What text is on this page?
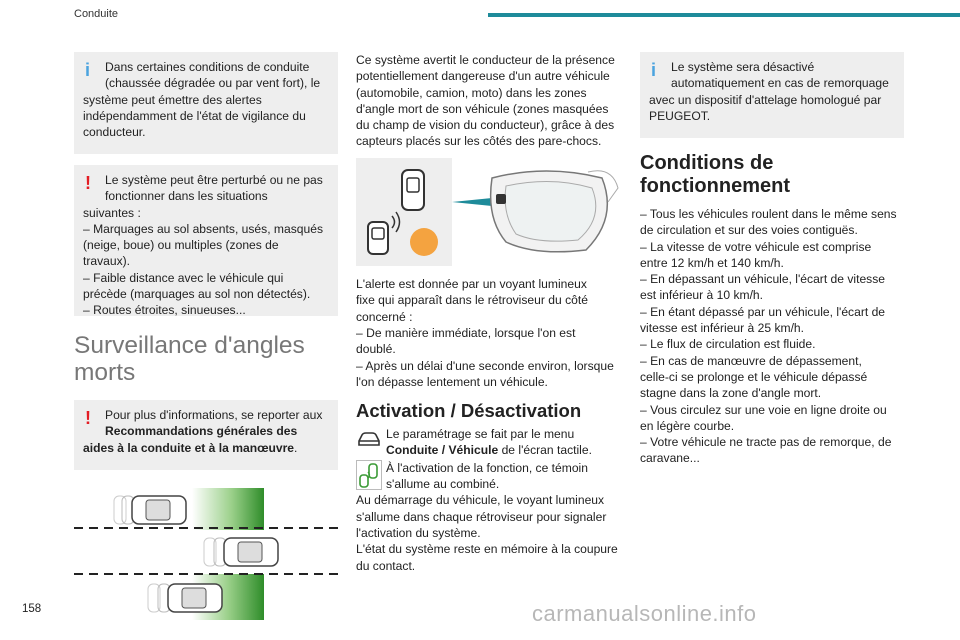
Conduite
i	Dans certaines conditions de conduite

(chaussée dégradée ou par vent fort), le

système peut émettre des alertes

indépendamment de l'état de vigilance du

conducteur.

!	Le système peut être perturbé ou ne pas

fonctionner dans les situations

suivantes :

– Marquages au sol absents, usés, masqués

(neige, boue) ou multiples (zones de travaux).

– Faible distance avec le véhicule qui

précède (marquages au sol non détectés).

– Routes étroites, sinueuses...

Surveillance d'angles
morts
!	Pour plus d'informations, se reporter aux

Recommandations générales des

aides à la conduite et à la manœuvre.

Ce système avertit le conducteur de la présence

potentiellement dangereuse d'un autre véhicule

(automobile, camion, moto) dans les zones

d'angle mort de son véhicule (zones masquées

du champ de vision du conducteur), grâce à des

capteurs placés sur les côtés des pare-chocs.

L'alerte est donnée par un voyant lumineux

fixe qui apparaît dans le rétroviseur du côté

concerné :

– De manière immédiate, lorsque l'on est

doublé.

– Après un délai d'une seconde environ, lorsque

l'on dépasse lentement un véhicule.

Activation / Désactivation

Le paramétrage se fait par le menu

Conduite / Véhicule de l'écran tactile.

À l'activation de la fonction, ce témoin

s'allume au combiné.

Au démarrage du véhicule, le voyant lumineux

s'allume dans chaque rétroviseur pour signaler

l'activation du système.

L'état du système reste en mémoire à la coupure

du contact.

i	Le système sera désactivé

automatiquement en cas de remorquage

avec un dispositif d'attelage homologué par

PEUGEOT.

Conditions de
fonctionnement

– Tous les véhicules roulent dans le même sens

de circulation et sur des voies contiguës.

– La vitesse de votre véhicule est comprise

entre 12 km/h et 140 km/h.

– En dépassant un véhicule, l'écart de vitesse

est inférieur à 10 km/h.

– En étant dépassé par un véhicule, l'écart de

vitesse est inférieur à 25 km/h.

– Le flux de circulation est fluide.

– En cas de manœuvre de dépassement,

celle-ci se prolonge et le véhicule dépassé

stagne dans la zone d'angle mort.

– Vous circulez sur une voie en ligne droite ou

en légère courbe.

– Votre véhicule ne tracte pas de remorque, de

caravane...

158	carmanualsonline.info
